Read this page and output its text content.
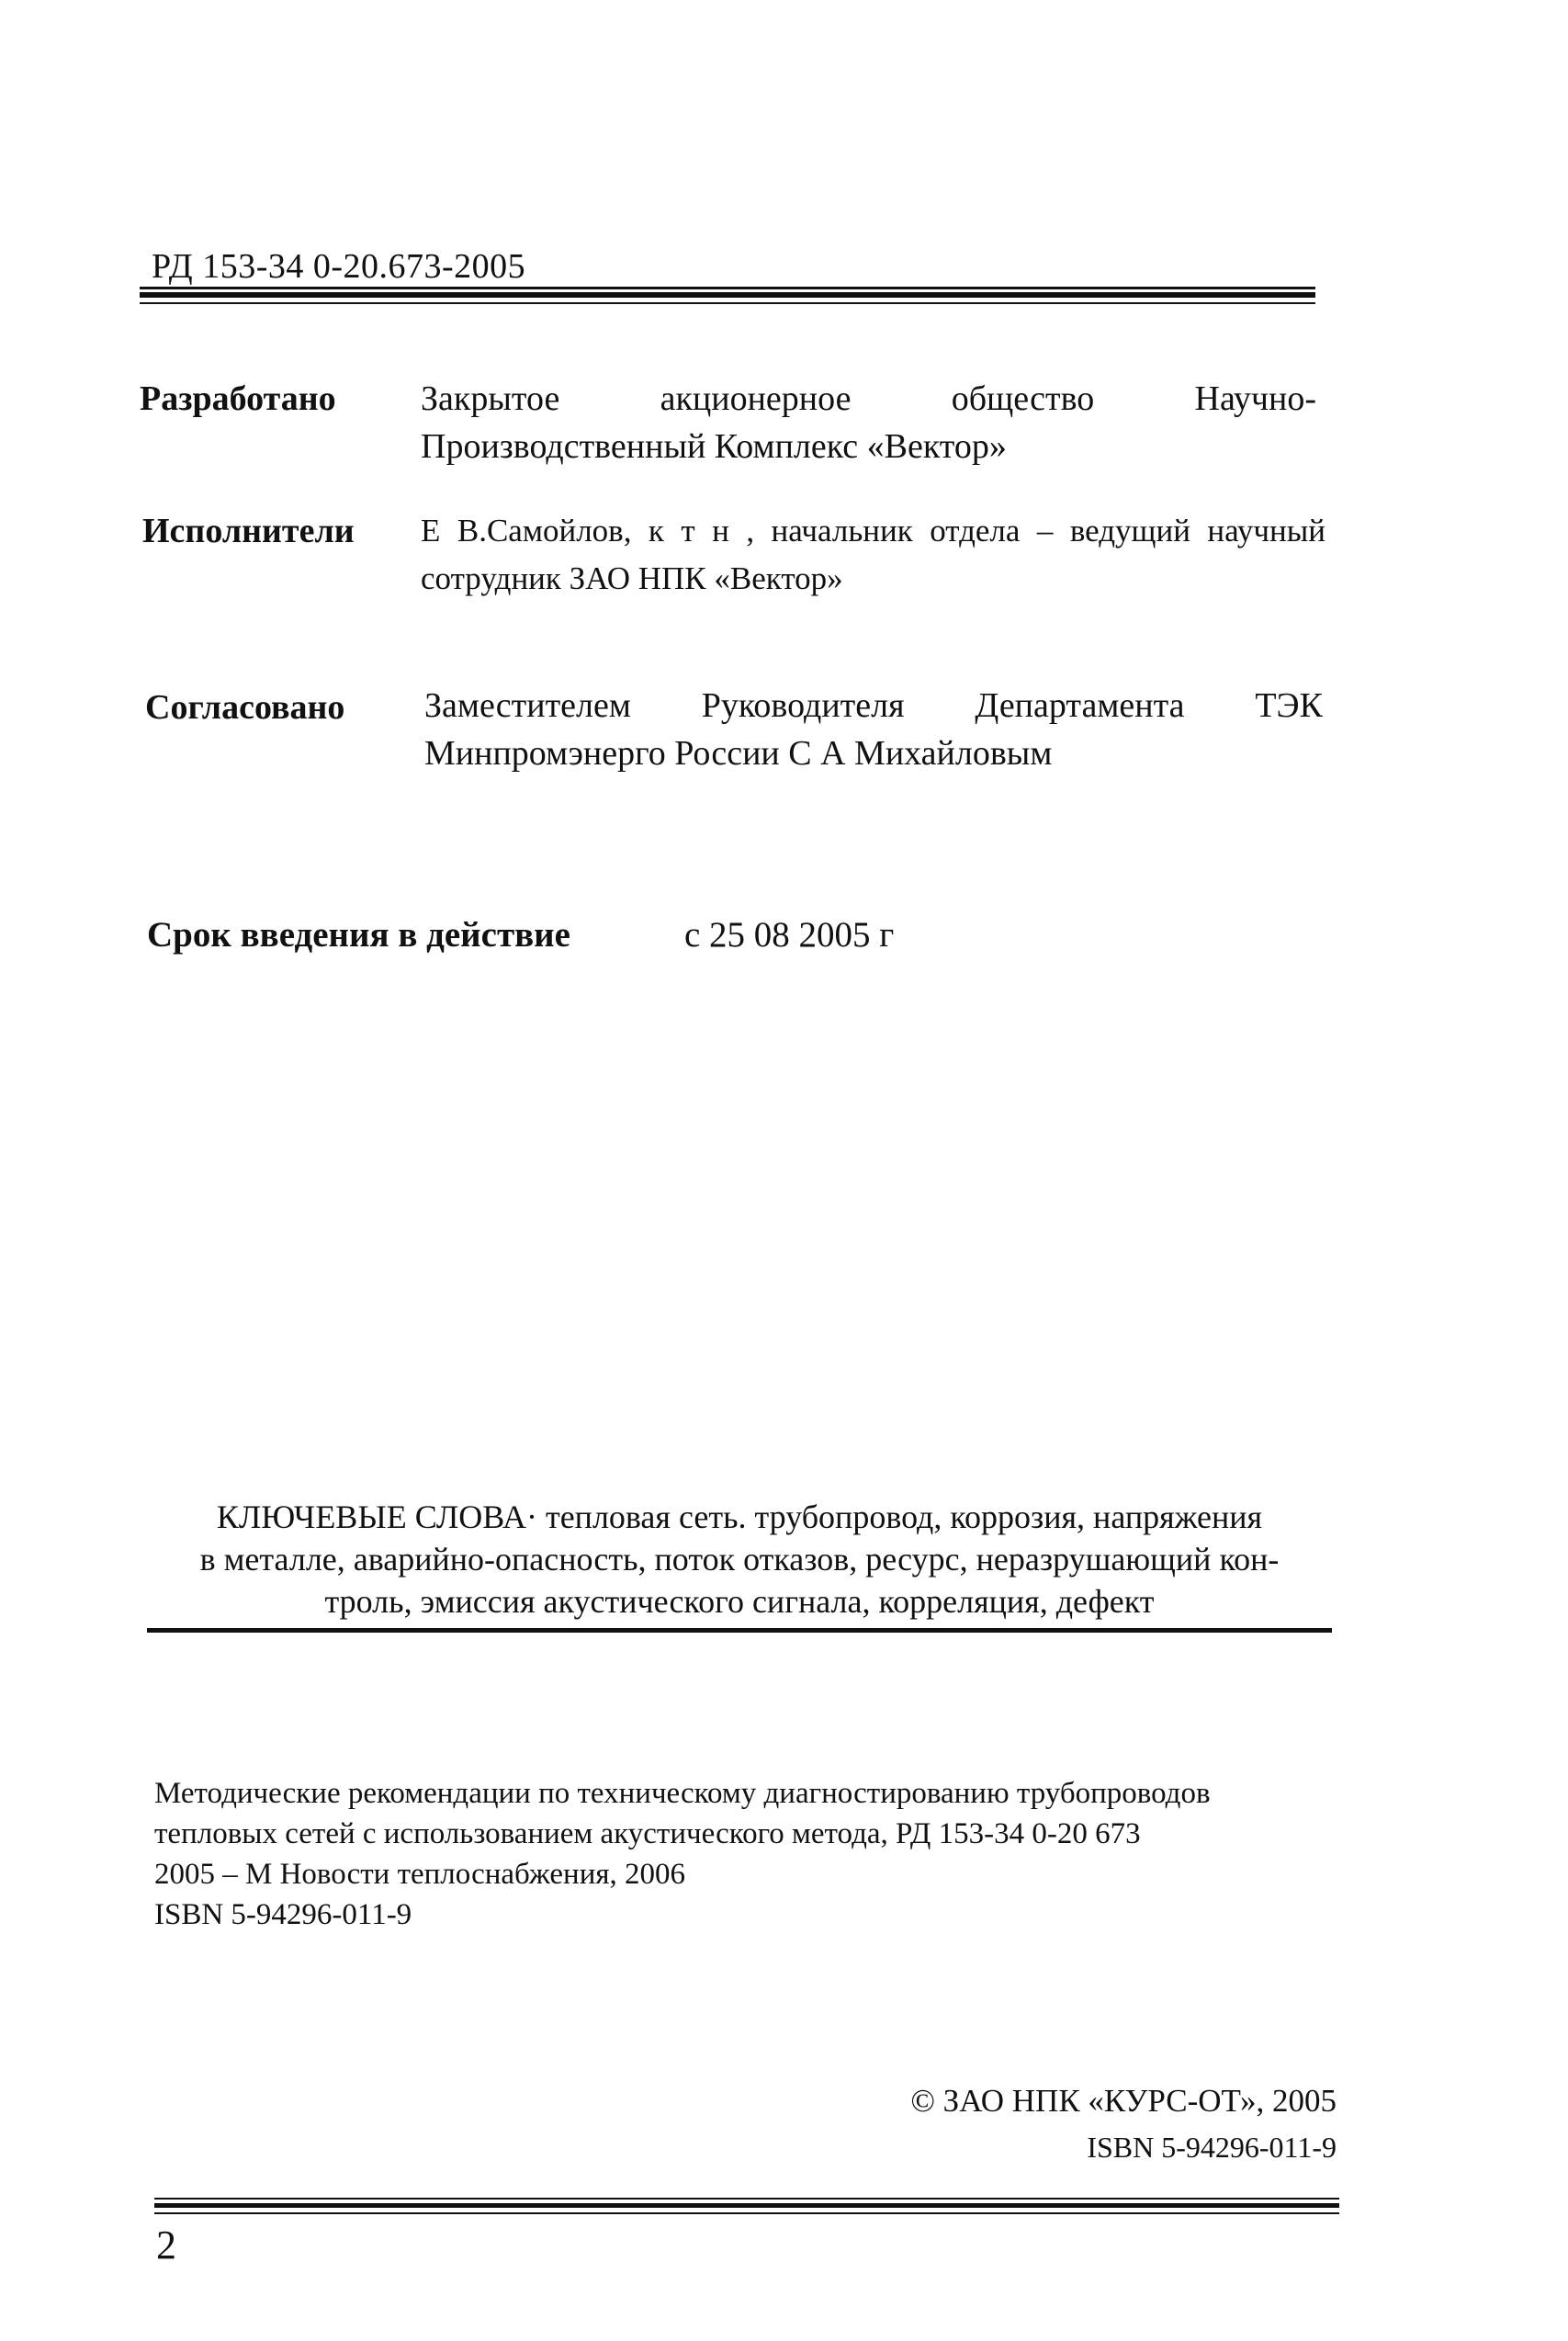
РД 153-34 0-20.673-2005
Разработано Закрытое акционерное общество Научно-Производственный Комплекс «Вектор»
Исполнители Е В.Самойлов, к т н , начальник отдела – ведущий научный сотрудник ЗАО НПК «Вектор»
Согласовано Заместителем Руководителя Департамента ТЭК Минпромэнерго России С А Михайловым
Срок введения в действие	с 25 08 2005 г
КЛЮЧЕВЫЕ СЛОВА· тепловая сеть. трубопровод, коррозия, напряжения
в металле, аварийно-опасность, поток отказов, ресурс, неразрушающий кон-
троль, эмиссия акустического сигнала, корреляция, дефект
Методические рекомендации по техническому диагностированию трубопроводов
тепловых сетей с использованием акустического метода, РД 153-34 0-20 673
2005 – М Новости теплоснабжения, 2006
ISBN 5-94296-011-9
© ЗАО НПК «КУРС-ОТ», 2005
ISBN 5-94296-011-9
2
